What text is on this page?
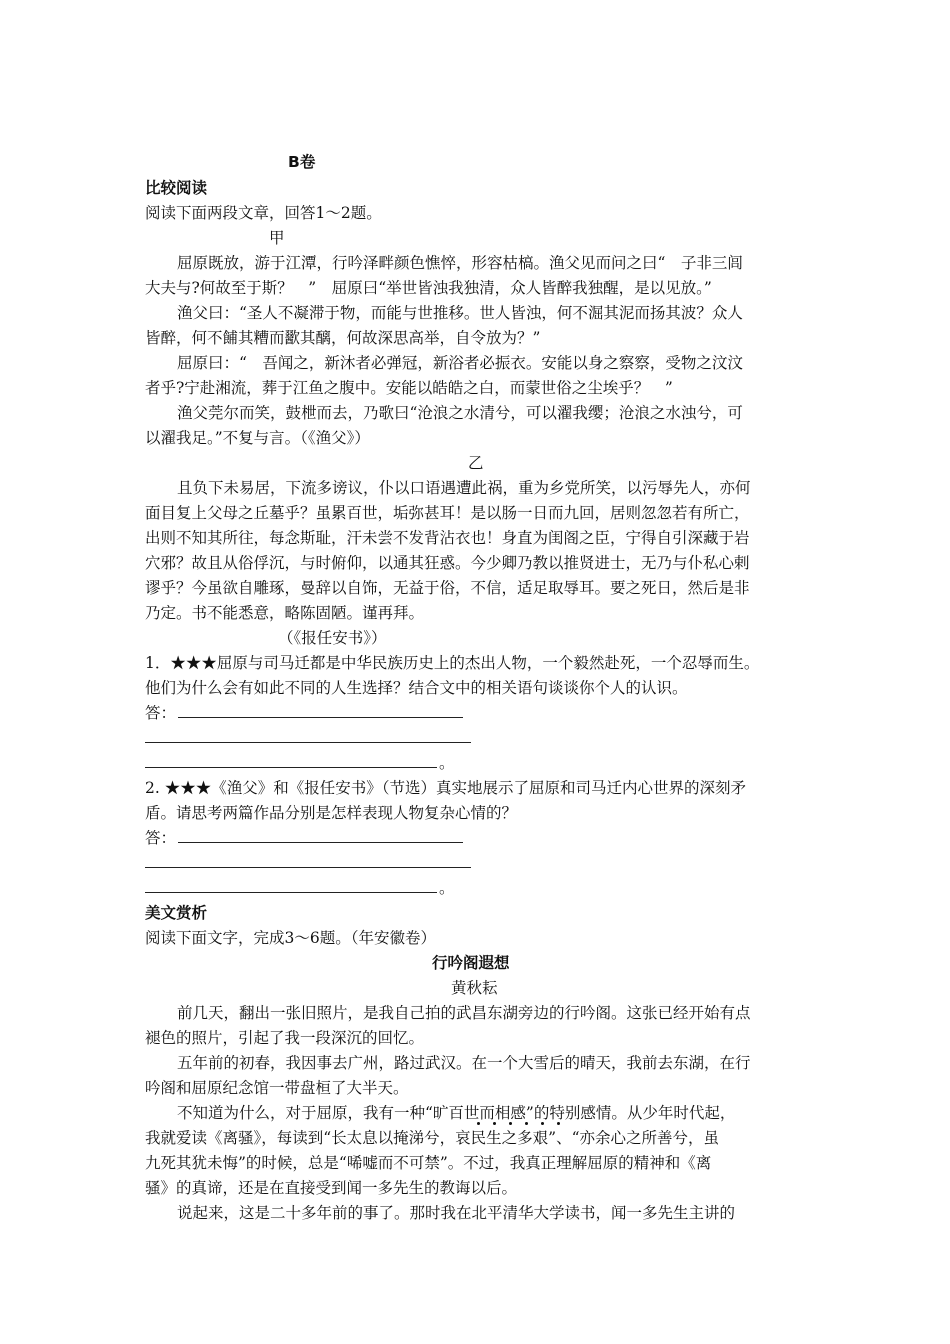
B卷
比较阅读
阅读下面两段文章，回答1～2题。
甲
屈原既放，游于江潭，行吟泽畔颜色憔悴，形容枯槁。渔父见而问之曰“　子非三闾
大夫与?何故至于斯？　”　屈原曰“举世皆浊我独清，众人皆醉我独醒，是以见放。”
渔父曰：“圣人不凝滞于物，而能与世推移。世人皆浊，何不淈其泥而扬其波？众人
皆醉，何不餔其糟而歠其醨，何故深思高举，自令放为？”
屈原曰：“　吾闻之，新沐者必弹冠，新浴者必振衣。安能以身之察察，受物之汶汶
者乎?宁赴湘流，葬于江鱼之腹中。安能以皓皓之白，而蒙世俗之尘埃乎？　”
渔父莞尔而笑，鼓枻而去，乃歌曰“沧浪之水清兮，可以濯我缨；沧浪之水浊兮，可
以濯我足。”不复与言。（《渔父》）
乙
且负下未易居，下流多谤议，仆以口语遇遭此祸，重为乡党所笑，以污辱先人，亦何
面目复上父母之丘墓乎？虽累百世，垢弥甚耳！是以肠一日而九回，居则忽忽若有所亡，
出则不知其所往，每念斯耻，汗未尝不发背沾衣也！身直为闺阁之臣，宁得自引深藏于岩
穴邪？故且从俗俘沉，与时俯仰，以通其狂惑。今少卿乃教以推贤进士，无乃与仆私心剌
谬乎？今虽欲自雕琢，曼辞以自饰，无益于俗，不信，适足取辱耳。要之死日，然后是非
乃定。书不能悉意，略陈固陋。谨再拜。
（《报任安书》）
1．★★★屈原与司马迁都是中华民族历史上的杰出人物，一个毅然赴死，一个忍辱而生。
他们为什么会有如此不同的人生选择？结合文中的相关语句谈谈你个人的认识。
答：
。
2. ★★★《渔父》和《报任安书》（节选）真实地展示了屈原和司马迁内心世界的深刻矛
盾。请思考两篇作品分别是怎样表现人物复杂心情的？
答：
。
美文赏析
阅读下面文字，完成3～6题。（年安徽卷）
行吟阁遐想
黄秋耘
前几天，翻出一张旧照片，是我自己拍的武昌东湖旁边的行吟阁。这张已经开始有点
褪色的照片，引起了我一段深沉的回忆。
五年前的初春，我因事去广州，路过武汉。在一个大雪后的晴天，我前去东湖，在行
吟阁和屈原纪念馆一带盘桓了大半天。
不知道为什么，对于屈原，我有一种“旷百世而相感”的特别感情。从少年时代起，
我就爱读《离骚》，每读到“长太息以掩涕兮，哀民生之多艰”、“亦余心之所善兮，虽
九死其犹未悔”的时候，总是“唏嘘而不可禁”。不过，我真正理解屈原的精神和《离
骚》的真谛，还是在直接受到闻一多先生的教诲以后。
说起来，这是二十多年前的事了。那时我在北平清华大学读书，闻一多先生主讲的
